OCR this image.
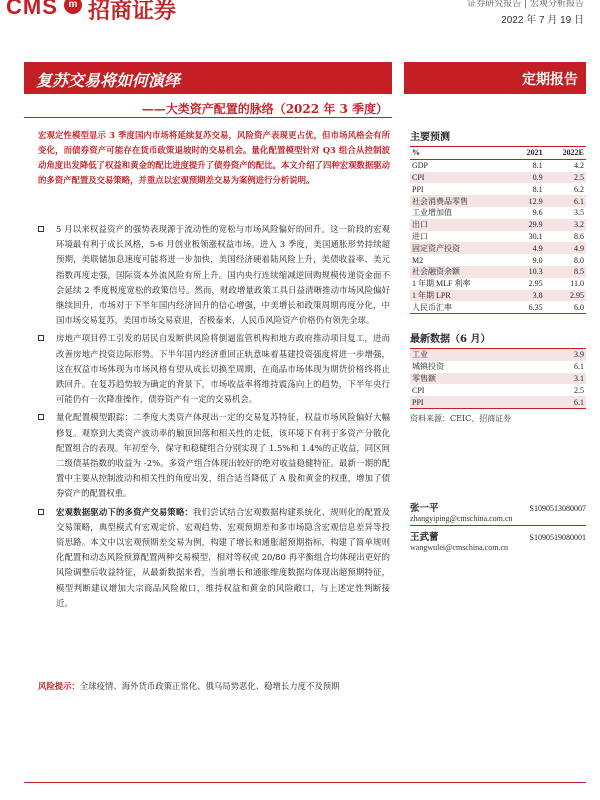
CMS	m 招商证券	证券研究报告 | 宏观分析报告
2022 年 7 月 19 日
复苏交易将如何演绎	定期报告
——大类资产配置的脉络（2022 年 3 季度）
宏观定性模型显示 3 季度国内市场将延续复苏交易，风险资产表现更占优，但市场风格会有所变化，而债券资产可能存在货币政策退坡时的交易机会。量化配置模型针对 Q3 组合从控制波动角度出发降低了权益和黄金的配比进度提升了债券资产的配比。本文介绍了四种宏观数据驱动的多资产配置及交易策略，并重点以宏观预期差交易为案例进行分析说明。
5 月以来权益资产的强势表现源于流动性的宽松与市场风险偏好的回升。这一阶段的宏观环境最有利于成长风格，5-6 月创业板领涨权益市场。进入 3 季度，美国通胀形势持续超预期，美联储加息速度可能将进一步加快，美国经济硬着陆风险上升，美债收益率、美元指数再度走强，国际资本外流风险有所上升。国内央行连续缩减逆回购规模传递资金面不会延续 2 季度极度宽松的政策信号。然而，财政增量政策工具日益清晰推动市场风险偏好继续回升，市场对于下半年国内经济回升的信心增强，中美增长和政策周期再度分化，中国市场交易复苏，美国市场交易衰退，否极泰来，人民币风险资产价格仍有领先全球。
房地产项目停工引发的居民自发断供风险将倒逼监管机构和地方政府推动项目复工，进而改善房地产投资边际形势。下半年国内经济重回正轨意味着基建投资强度将进一步增强，这在权益市场体现为市场风格有望从成长切换至周期，在商品市场体现为期货价格终将止跌回升。在复苏趋势较为确定的背景下，市场收益率将维持震荡向上的趋势，下半年央行可能仍有一次降准操作，债券资产有一定的交易机会。
量化配置模型跟踪：二季度大类资产体现出一定的交易复苏特征，权益市场风险偏好大幅修复。观察到大类资产波动率的触顶回落和相关性的走低，该环境下有利于多资产分散化配置组合的表现。年初至今，保守和稳健组合分别实现了 1.5%和 1.4%的正收益，同区间二级债基指数的收益为 -2%。多资产组合体现出较好的绝对收益稳健特征。最新一期的配置中主要从控制波动和相关性的角度出发，组合适当降低了 A 股和黄金的权重，增加了债券资产的配置权重。
宏观数据驱动下的多资产交易策略：我们尝试结合宏观数据构建系统化、规则化的配置及交易策略，典型模式有宏观定价、宏观趋势、宏观预期差和多市场隐含宏观信息差异等投资思路。本文中以宏观预期差交易为例，构建了增长和通胀超预期指标，构建了简单规则化配置和动态风险预算配置两种交易模型，相对等权或 20/80 再平衡组合均体现出更好的风险调整后收益特征，从最新数据来看，当前增长和通胀维度数据均体现出超预期特征，模型判断建议增加大宗商品风险敞口，维持权益和黄金的风险敞口，与上述定性判断接近。
风险提示：全球疫情、海外货币政策正常化、俄乌局势恶化、稳增长力度不及预期
主要预测
%	2021	2022E
GDP	8.1	4.2
CPI	0.9	2.5
PPI	8.1	6.2
社会消费品零售	12.9	6.1
工业增加值	9.6	3.5
出口	29.9	3.2
进口	30.1	8.6
固定资产投资	4.9	4.9
M2	9.0	8.0
社会融资余额	10.3	8.5
1 年期 MLF 利率	2.95	11.0
1 年期 LPR	3.8	2.95
人民币汇率	6.35	6.0
最新数据（6 月）
工业	3.9
城镇投资	6.1
零售额	3.1
CPI	2.5
PPI	6.1
资料来源：CEIC、招商证券
张一平	S1090513080007
zhangyiping@cmschina.com.cn
王武蕾	S1090519080001
wangwulei@cmschina.com.cn
